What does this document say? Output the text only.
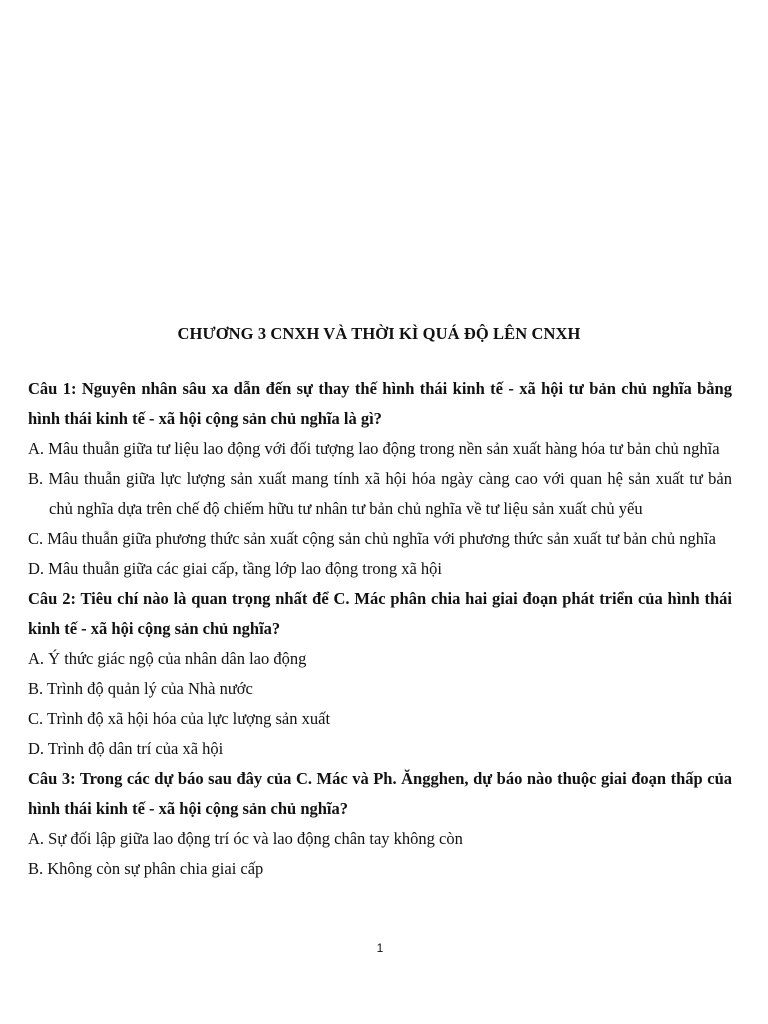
CHƯƠNG 3 CNXH VÀ THỜI KÌ QUÁ ĐỘ LÊN CNXH

Câu 1: Nguyên nhân sâu xa dẫn đến sự thay thế hình thái kinh tế - xã hội tư bản chủ nghĩa bằng hình thái kinh tế - xã hội cộng sản chủ nghĩa là gì?

A. Mâu thuẫn giữa tư liệu lao động với đối tượng lao động trong nền sản xuất hàng hóa tư bản chủ nghĩa

B. Mâu thuẫn giữa lực lượng sản xuất mang tính xã hội hóa ngày càng cao với quan hệ sản xuất tư bản chủ nghĩa dựa trên chế độ chiếm hữu tư nhân tư bản chủ nghĩa về tư liệu sản xuất chủ yếu

C. Mâu thuẫn giữa phương thức sản xuất cộng sản chủ nghĩa với phương thức sản xuất tư bản chủ nghĩa

D. Mâu thuẫn giữa các giai cấp, tầng lớp lao động trong xã hội

Câu 2: Tiêu chí nào là quan trọng nhất để C. Mác phân chia hai giai đoạn phát triển của hình thái kinh tế - xã hội cộng sản chủ nghĩa?

A. Ý thức giác ngộ của nhân dân lao động

B. Trình độ quản lý của Nhà nước

C. Trình độ xã hội hóa của lực lượng sản xuất

D. Trình độ dân trí của xã hội

Câu 3: Trong các dự báo sau đây của C. Mác và Ph. Ăngghen, dự báo nào thuộc giai đoạn thấp của hình thái kinh tế - xã hội cộng sản chủ nghĩa?

A. Sự đối lập giữa lao động trí óc và lao động chân tay không còn

B. Không còn sự phân chia giai cấp

1
